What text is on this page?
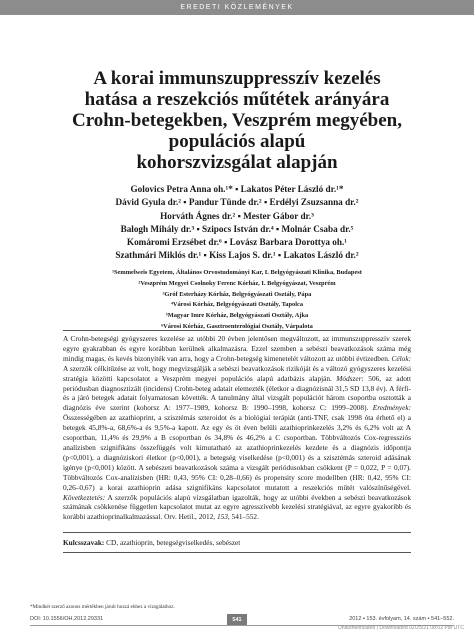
EREDETI KÖZLEMÉNYEK
A korai immunszuppresszív kezelés
hatása a reszekciós műtétek arányára
Crohn-betegekben, Veszprém megyében,
populációs alapú
kohorszvizsgálat alapján
Golovics Petra Anna oh.¹* ▪ Lakatos Péter László dr.¹*
Dávid Gyula dr.² ▪ Pandur Tünde dr.² ▪ Erdélyi Zsuzsanna dr.²
Horváth Ágnes dr.² ▪ Mester Gábor dr.³
Balogh Mihály dr.³ ▪ Szipocs István dr.⁴ ▪ Molnár Csaba dr.⁵
Komáromi Erzsébet dr.⁶ ▪ Lovász Barbara Dorottya oh.¹
Szathmári Miklós dr.¹ ▪ Kiss Lajos S. dr.¹ ▪ Lakatos László dr.²
¹Semmelweis Egyetem, Általános Orvostudományi Kar, I. Belgyógyászati Klinika, Budapest
²Veszprém Megyei Csolnoky Ferenc Kórház, I. Belgyógyászat, Veszprém
³Gróf Esterházy Kórház, Belgyógyászati Osztály, Pápa
⁴Városi Kórház, Belgyógyászati Osztály, Tapolca
⁵Magyar Imre Kórház, Belgyógyászati Osztály, Ajka
⁶Városi Kórház, Gasztroenterológiai Osztály, Várpalota

A Crohn-betegségi gyógyszeres kezelése az utóbbi 20 évben jelentősen megváltozott, az immunszuppresszív szerek egyre gyakrabban és egyre korábban kerülnek alkalmazásra. Ezzel szemben a sebészi beavatkozások száma még mindig magas, és kevés bizonyíték van arra, hogy a Crohn-betegség kimenetelét változott az utóbbi évtizedben. Célok: A szerzők célkitűzése az volt, hogy megvizsgálják a sebészi beavatkozások rizikóját és a változó gyógyszeres kezelési stratégia közötti kapcsolatot a Veszprém megyei populációs alapú adatbázis alapján. Módszer: 506, az adott periódusban diagnosztizált (incidens) Crohn-beteg adatait elemezték (életkor a diagnózisnál 31,5 SD 13,8 év). A férfi- és a járó betegek adatait folyamatosan követték. A tanulmány által vizsgált populációt három csoportba osztották a diagnózis éve szerint (kohorsz A: 1977–1989, kohorsz B: 1990–1998, kohorsz C: 1999–2008). Eredmények: Összességében az azathioprint, a szisztémás szteroidot és a biológiai terápiát (anti-TNF, csak 1998 óta érhető el) a betegek 45,8%-a, 68,6%-a és 9,5%-a kapott. Az egy és öt éven belüli azathioprinkezelés 3,2% és 6,2% volt az A csoportban, 11,4% és 29,9% a B csoportban és 34,8% és 46,2% a C csoportban. Többváltozós Cox-regressziós analízisben szignifikáns összefüggés volt kimutatható az azathioprinkezelés kezdete és a diagnózis időpontja (p<0,001), a diagnóziskori életkor (p<0,001), a betegség viselkedése (p<0,001) és a szisztémás szteroid adásának igénye (p<0,001) között. A sebészeti beavatkozások száma a vizsgált periódusokban csökkent (P = 0,022, P = 0,07). Többváltozós Cox-analízisben (HR: 0,43, 95% CI: 0,28–0,66) és propensity score modellben (HR: 0,42, 95% CI: 0,26–0,67) a korai azathioprin adása szignifikáns kapcsolatot mutatott a reszekciós műtét valószínűségével. Következtetés: A szerzők populációs alapú vizsgálatban igazolták, hogy az utóbbi években a sebészi beavatkozások számának csökkenése független kapcsolatot mutat az egyre agresszívebb kezelési stratégiával, az egyre gyakoribb és korábbi azathioprinalkalmazással. Orv. Hetil., 2012, 153, 541–552.

Kulcsszavak: CD, azathioprin, betegségviselkedés, sebészet
*Mindkét szerző azonos mértékben járult hozzá ehhez a vizsgálathoz.
DOI: 10.1556/OH.2012.29331	541	2012 ▪ 153. évfolyam, 14. szám ▪ 541–552.
Unauthenticated | Downloaded 02/25/21 08:02 PM UTC
